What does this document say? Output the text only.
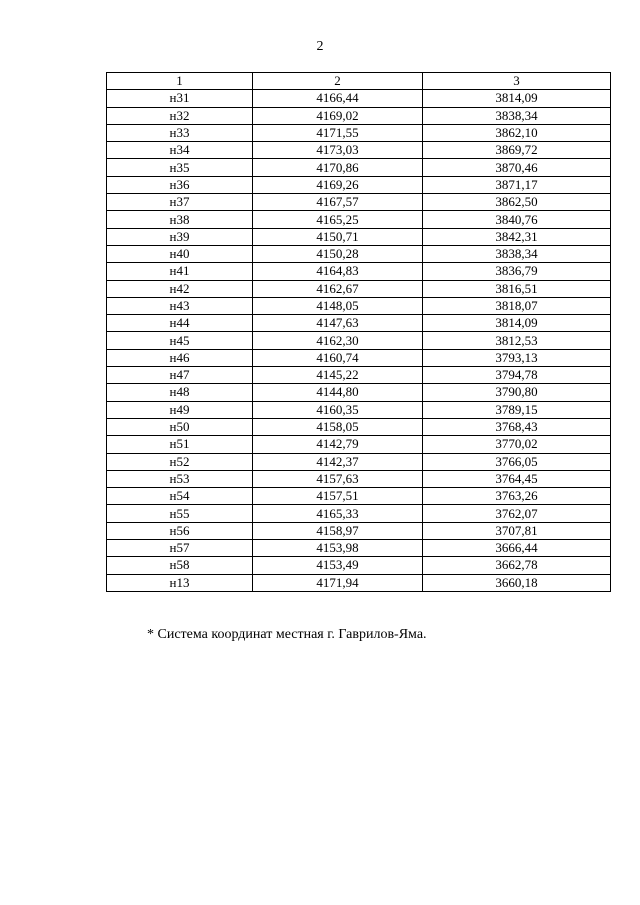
2
1	2	3
н31	4166,44	3814,09
н32	4169,02	3838,34
н33	4171,55	3862,10
н34	4173,03	3869,72
н35	4170,86	3870,46
н36	4169,26	3871,17
н37	4167,57	3862,50
н38	4165,25	3840,76
н39	4150,71	3842,31
н40	4150,28	3838,34
н41	4164,83	3836,79
н42	4162,67	3816,51
н43	4148,05	3818,07
н44	4147,63	3814,09
н45	4162,30	3812,53
н46	4160,74	3793,13
н47	4145,22	3794,78
н48	4144,80	3790,80
н49	4160,35	3789,15
н50	4158,05	3768,43
н51	4142,79	3770,02
н52	4142,37	3766,05
н53	4157,63	3764,45
н54	4157,51	3763,26
н55	4165,33	3762,07
н56	4158,97	3707,81
н57	4153,98	3666,44
н58	4153,49	3662,78
н13	4171,94	3660,18
* Система координат местная г. Гаврилов-Яма.
